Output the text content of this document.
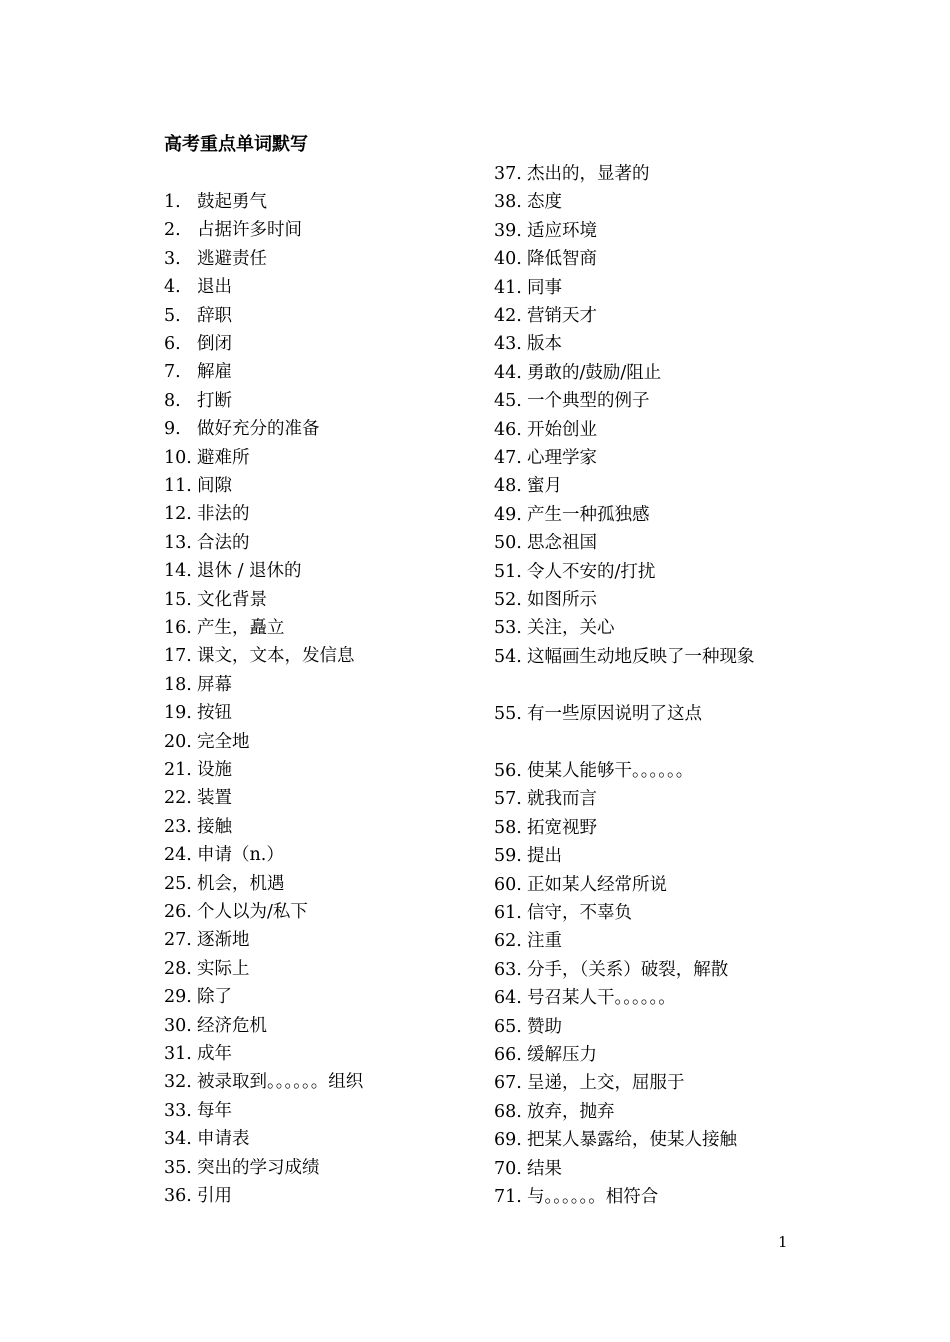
高考重点单词默写
1. 鼓起勇气
2. 占据许多时间
3. 逃避责任
4. 退出
5. 辞职
6. 倒闭
7. 解雇
8. 打断
9. 做好充分的准备
10. 避难所
11. 间隙
12. 非法的
13. 合法的
14. 退休 / 退休的
15. 文化背景
16. 产生，矗立
17. 课文，文本，发信息
18. 屏幕
19. 按钮
20. 完全地
21. 设施
22. 装置
23. 接触
24. 申请（n.）
25. 机会，机遇
26. 个人以为/私下
27. 逐渐地
28. 实际上
29. 除了
30. 经济危机
31. 成年
32. 被录取到。。。。。。组织
33. 每年
34. 申请表
35. 突出的学习成绩
36. 引用
37. 杰出的，显著的
38. 态度
39. 适应环境
40. 降低智商
41. 同事
42. 营销天才
43. 版本
44. 勇敢的/鼓励/阻止
45. 一个典型的例子
46. 开始创业
47. 心理学家
48. 蜜月
49. 产生一种孤独感
50. 思念祖国
51. 令人不安的/打扰
52. 如图所示
53. 关注，关心
54. 这幅画生动地反映了一种现象
55. 有一些原因说明了这点
56. 使某人能够干。。。。。。
57. 就我而言
58. 拓宽视野
59. 提出
60. 正如某人经常所说
61. 信守，不辜负
62. 注重
63. 分手，（关系）破裂，解散
64. 号召某人干。。。。。。
65. 赞助
66. 缓解压力
67. 呈递，上交，屈服于
68. 放弃，抛弃
69. 把某人暴露给，使某人接触
70. 结果
71. 与。。。。。。相符合
1
